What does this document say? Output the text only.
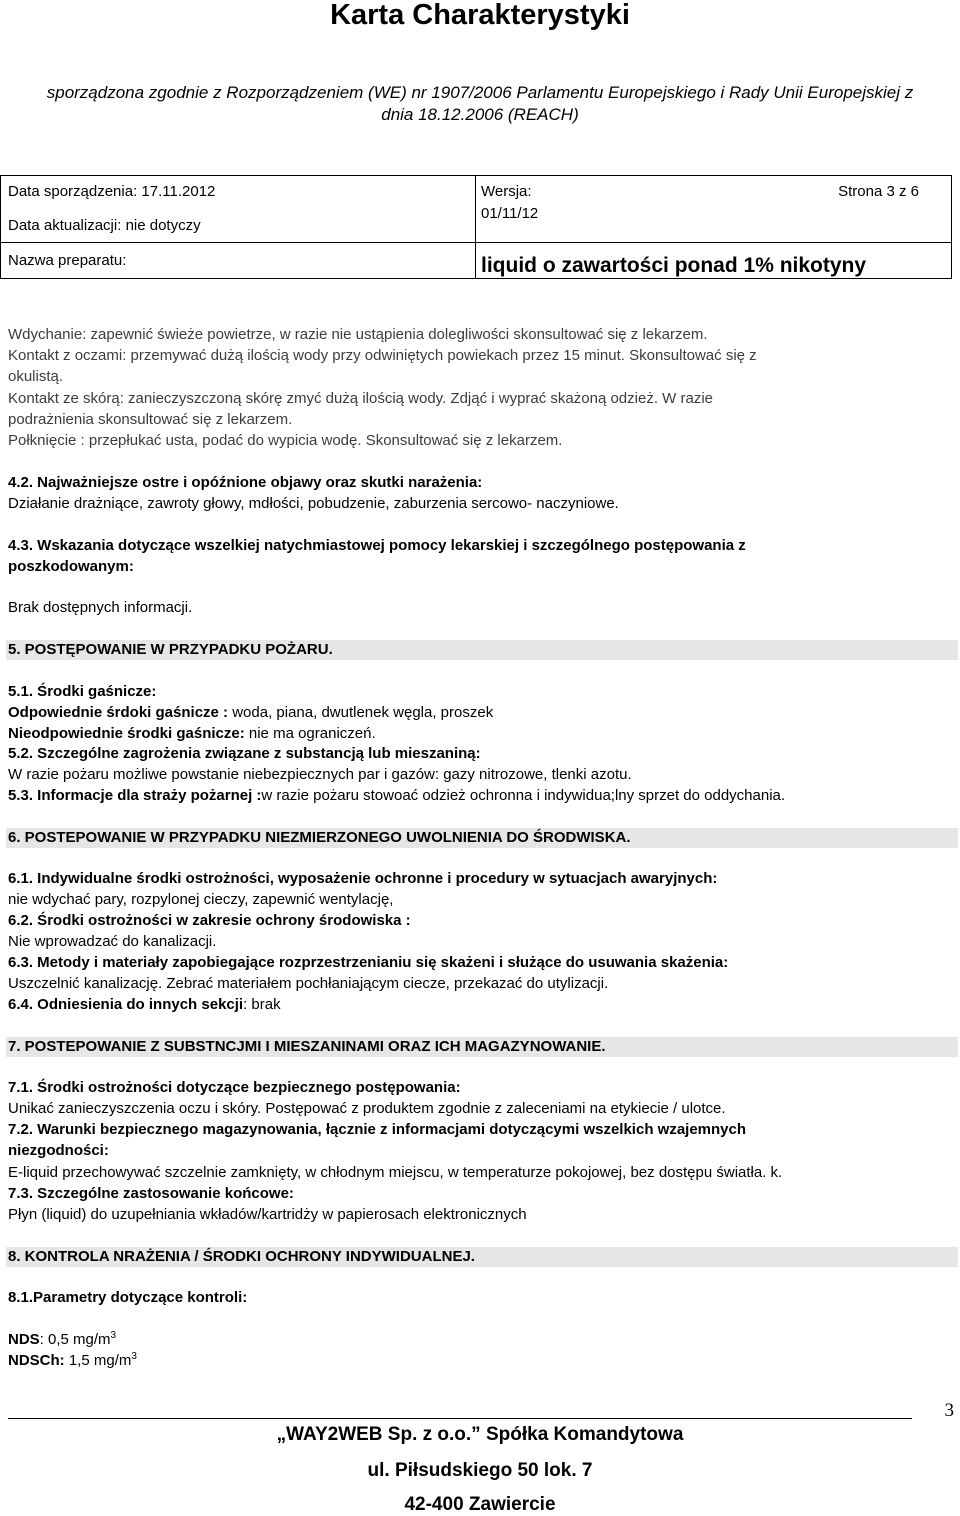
Karta Charakterystyki
sporządzona zgodnie z Rozporządzeniem (WE) nr 1907/2006 Parlamentu Europejskiego i Rady Unii Europejskiej z
dnia 18.12.2006 (REACH)
Data sporządzenia: 17.11.2012
Data aktualizacji: nie dotyczy
Nazwa preparatu:
Wersja:
01/11/12
Strona 3 z 6
liquid o zawartości ponad 1% nikotyny
Wdychanie: zapewnić świeże powietrze, w razie nie ustąpienia dolegliwości skonsultować się z lekarzem.
Kontakt z oczami: przemywać dużą ilością wody przy odwiniętych powiekach przez 15 minut. Skonsultować się z
okulistą.
Kontakt ze skórą: zanieczyszczoną skórę zmyć dużą ilością wody. Zdjąć i wyprać skażoną odzież. W razie
podrażnienia skonsultować się z lekarzem.
Połknięcie : przepłukać usta, podać do wypicia wodę. Skonsultować się z lekarzem.
4.2. Najważniejsze ostre i opóźnione objawy oraz skutki narażenia:
Działanie drażniące, zawroty głowy, mdłości, pobudzenie, zaburzenia sercowo- naczyniowe.
4.3. Wskazania dotyczące wszelkiej natychmiastowej pomocy lekarskiej i szczególnego postępowania z
poszkodowanym:
Brak dostępnych informacji.
5. POSTĘPOWANIE W PRZYPADKU POŻARU.
5.1. Środki gaśnicze:
Odpowiednie śrdoki gaśnicze : woda, piana, dwutlenek węgla, proszek
Nieodpowiednie środki gaśnicze: nie ma ograniczeń.
5.2. Szczególne zagrożenia związane z substancją lub mieszaniną:
W razie pożaru możliwe powstanie niebezpiecznych par i gazów: gazy nitrozowe, tlenki azotu.
5.3. Informacje dla straży pożarnej :w razie pożaru stowoać odzież ochronna i indywidua;lny sprzet do oddychania.
6. POSTEPOWANIE W PRZYPADKU NIEZMIERZONEGO UWOLNIENIA DO ŚRODWISKA.
6.1. Indywidualne środki ostrożności, wyposażenie ochronne i procedury w sytuacjach awaryjnych:
nie wdychać pary, rozpylonej cieczy, zapewnić wentylację,
6.2. Środki ostrożności w zakresie ochrony środowiska :
Nie wprowadzać do kanalizacji.
6.3. Metody i materiały zapobiegające rozprzestrzenianiu się skażeni i służące do usuwania skażenia:
Uszczelnić kanalizację. Zebrać materiałem pochłaniającym ciecze, przekazać do utylizacji.
6.4. Odniesienia do innych sekcji: brak
7. POSTEPOWANIE Z SUBSTNCJMI I MIESZANINAMI ORAZ ICH MAGAZYNOWANIE.
7.1. Środki ostrożności dotyczące bezpiecznego postępowania:
Unikać zanieczyszczenia oczu i skóry. Postępować z produktem zgodnie z zaleceniami na etykiecie / ulotce.
7.2. Warunki bezpiecznego magazynowania, łącznie z informacjami dotyczącymi wszelkich wzajemnych
niezgodności:
E-liquid przechowywać szczelnie zamknięty, w chłodnym miejscu, w temperaturze pokojowej, bez dostępu światła. k.
7.3. Szczególne zastosowanie końcowe:
Płyn (liquid) do uzupełniania wkładów/kartridży w papierosach elektronicznych
8. KONTROLA NRAŻENIA / ŚRODKI OCHRONY INDYWIDUALNEJ.
8.1.Parametry dotyczące kontroli:
NDS: 0,5 $mg/m^3$
NDSCh: 1,5 $mg/m^3$
3
„WAY2WEB Sp. z o.o.” Spółka Komandytowa
ul. Piłsudskiego 50 lok. 7
42-400 Zawiercie
